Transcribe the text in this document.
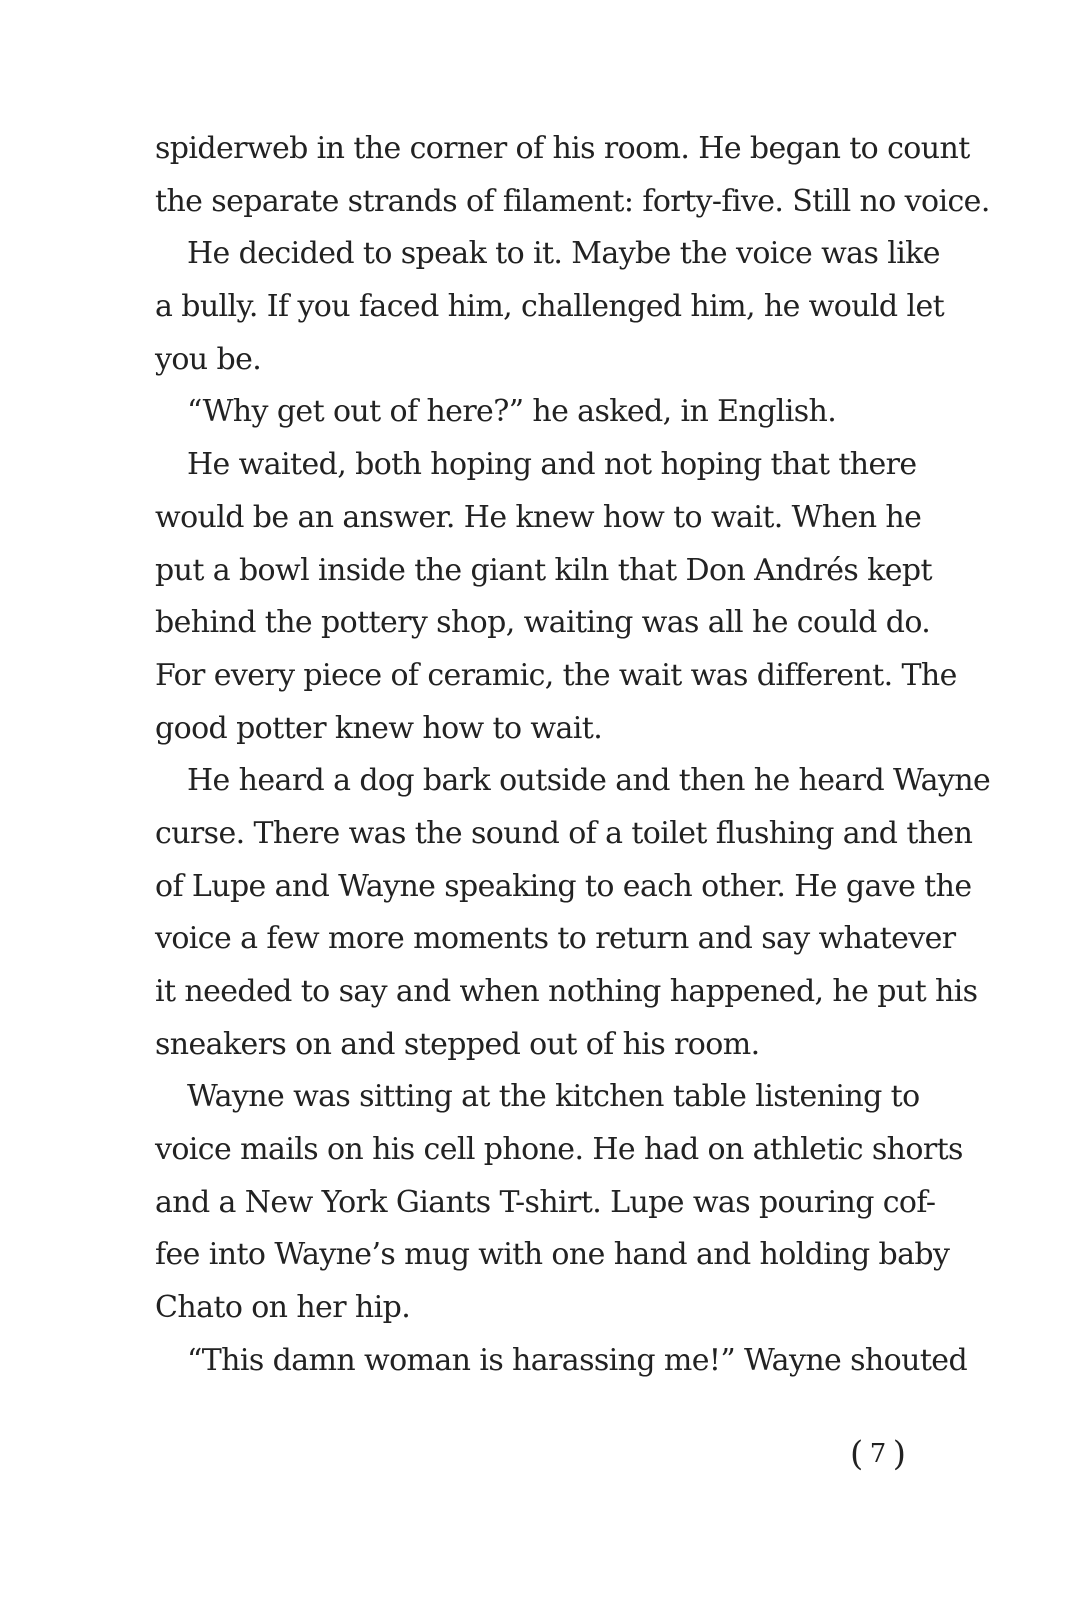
spiderweb in the corner of his room. He began to count
the separate strands of filament: forty-five. Still no voice.
He decided to speak to it. Maybe the voice was like
a bully. If you faced him, challenged him, he would let
you be.
“Why get out of here?” he asked, in English.
He waited, both hoping and not hoping that there
would be an answer. He knew how to wait. When he
put a bowl inside the giant kiln that Don Andrés kept
behind the pottery shop, waiting was all he could do.
For every piece of ceramic, the wait was different. The
good potter knew how to wait.
He heard a dog bark outside and then he heard Wayne
curse. There was the sound of a toilet flushing and then
of Lupe and Wayne speaking to each other. He gave the
voice a few more moments to return and say whatever
it needed to say and when nothing happened, he put his
sneakers on and stepped out of his room.
Wayne was sitting at the kitchen table listening to
voice mails on his cell phone. He had on athletic shorts
and a New York Giants T-shirt. Lupe was pouring cof-
fee into Wayne’s mug with one hand and holding baby
Chato on her hip.
“This damn woman is harassing me!” Wayne shouted
( 7 )
